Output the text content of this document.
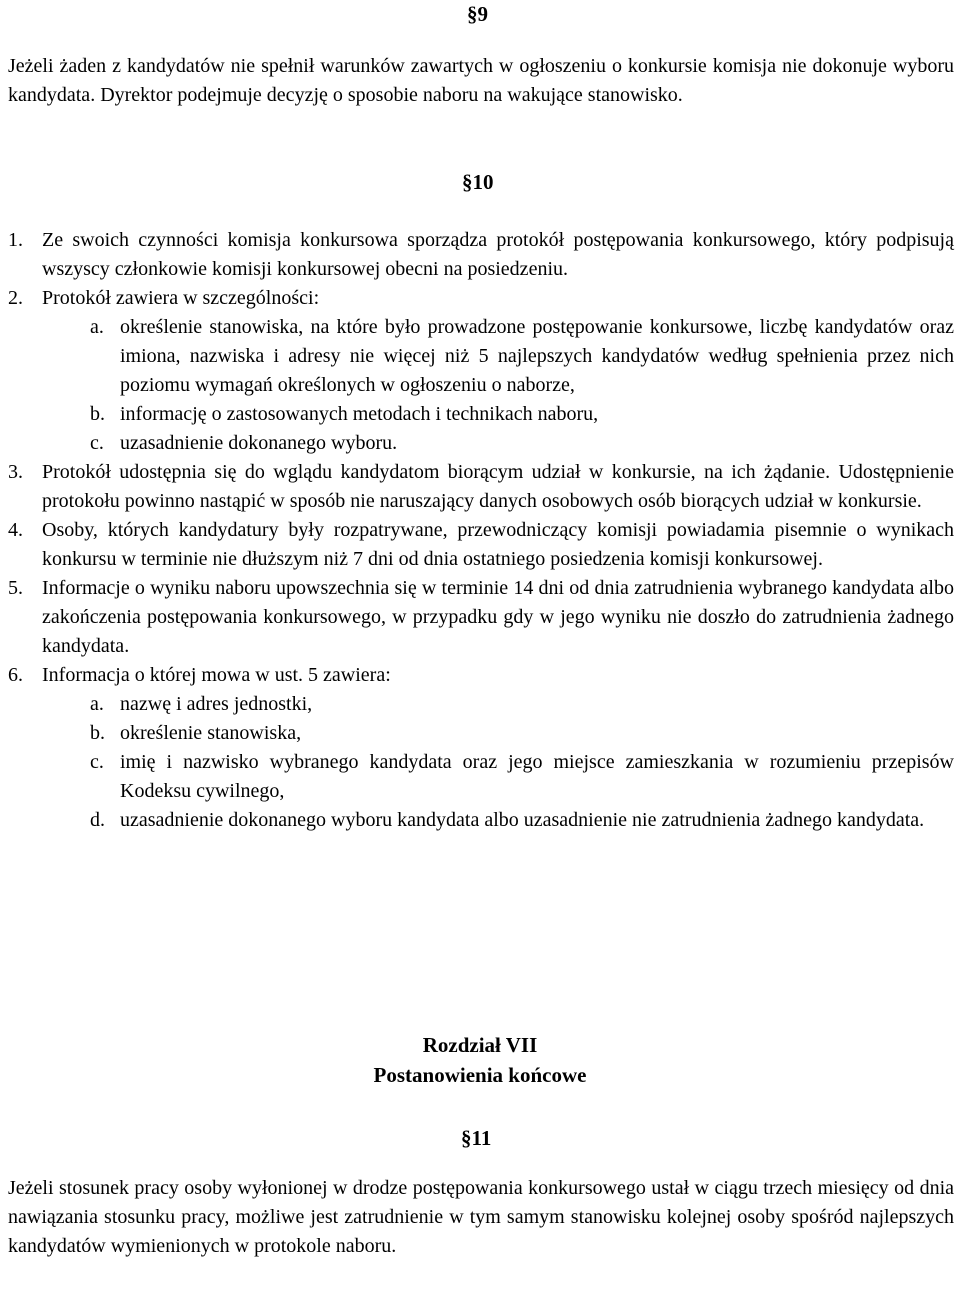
§9
Jeżeli żaden z kandydatów nie spełnił warunków zawartych w ogłoszeniu o konkursie komisja nie dokonuje wyboru kandydata. Dyrektor podejmuje decyzję o sposobie naboru na wakujące stanowisko.
§10
1. Ze swoich czynności komisja konkursowa sporządza protokół postępowania konkursowego, który podpisują wszyscy członkowie komisji konkursowej obecni na posiedzeniu.
2. Protokół zawiera w szczególności:
a. określenie stanowiska, na które było prowadzone postępowanie konkursowe, liczbę kandydatów oraz imiona, nazwiska i adresy nie więcej niż 5 najlepszych kandydatów według spełnienia przez nich poziomu wymagań określonych w ogłoszeniu o naborze,
b. informację o zastosowanych metodach i technikach naboru,
c. uzasadnienie dokonanego wyboru.
3. Protokół udostępnia się do wglądu kandydatom biorącym udział w konkursie, na ich żądanie. Udostępnienie protokołu powinno nastąpić w sposób nie naruszający danych osobowych osób biorących udział w konkursie.
4. Osoby, których kandydatury były rozpatrywane, przewodniczący komisji powiadamia pisemnie o wynikach konkursu w terminie nie dłuższym niż 7 dni od dnia ostatniego posiedzenia komisji konkursowej.
5. Informacje o wyniku naboru upowszechnia się w terminie 14 dni od dnia zatrudnienia wybranego kandydata albo zakończenia postępowania konkursowego, w przypadku gdy w jego wyniku nie doszło do zatrudnienia żadnego kandydata.
6. Informacja o której mowa w ust. 5 zawiera:
a. nazwę i adres jednostki,
b. określenie stanowiska,
c. imię i nazwisko wybranego kandydata oraz jego miejsce zamieszkania w rozumieniu przepisów Kodeksu cywilnego,
d. uzasadnienie dokonanego wyboru kandydata albo uzasadnienie nie zatrudnienia żadnego kandydata.
Rozdział VII
Postanowienia końcowe
§11
Jeżeli stosunek pracy osoby wyłonionej w drodze postępowania konkursowego ustał w ciągu trzech miesięcy od dnia nawiązania stosunku pracy, możliwe jest zatrudnienie w tym samym stanowisku kolejnej osoby spośród najlepszych kandydatów wymienionych w protokole naboru.
